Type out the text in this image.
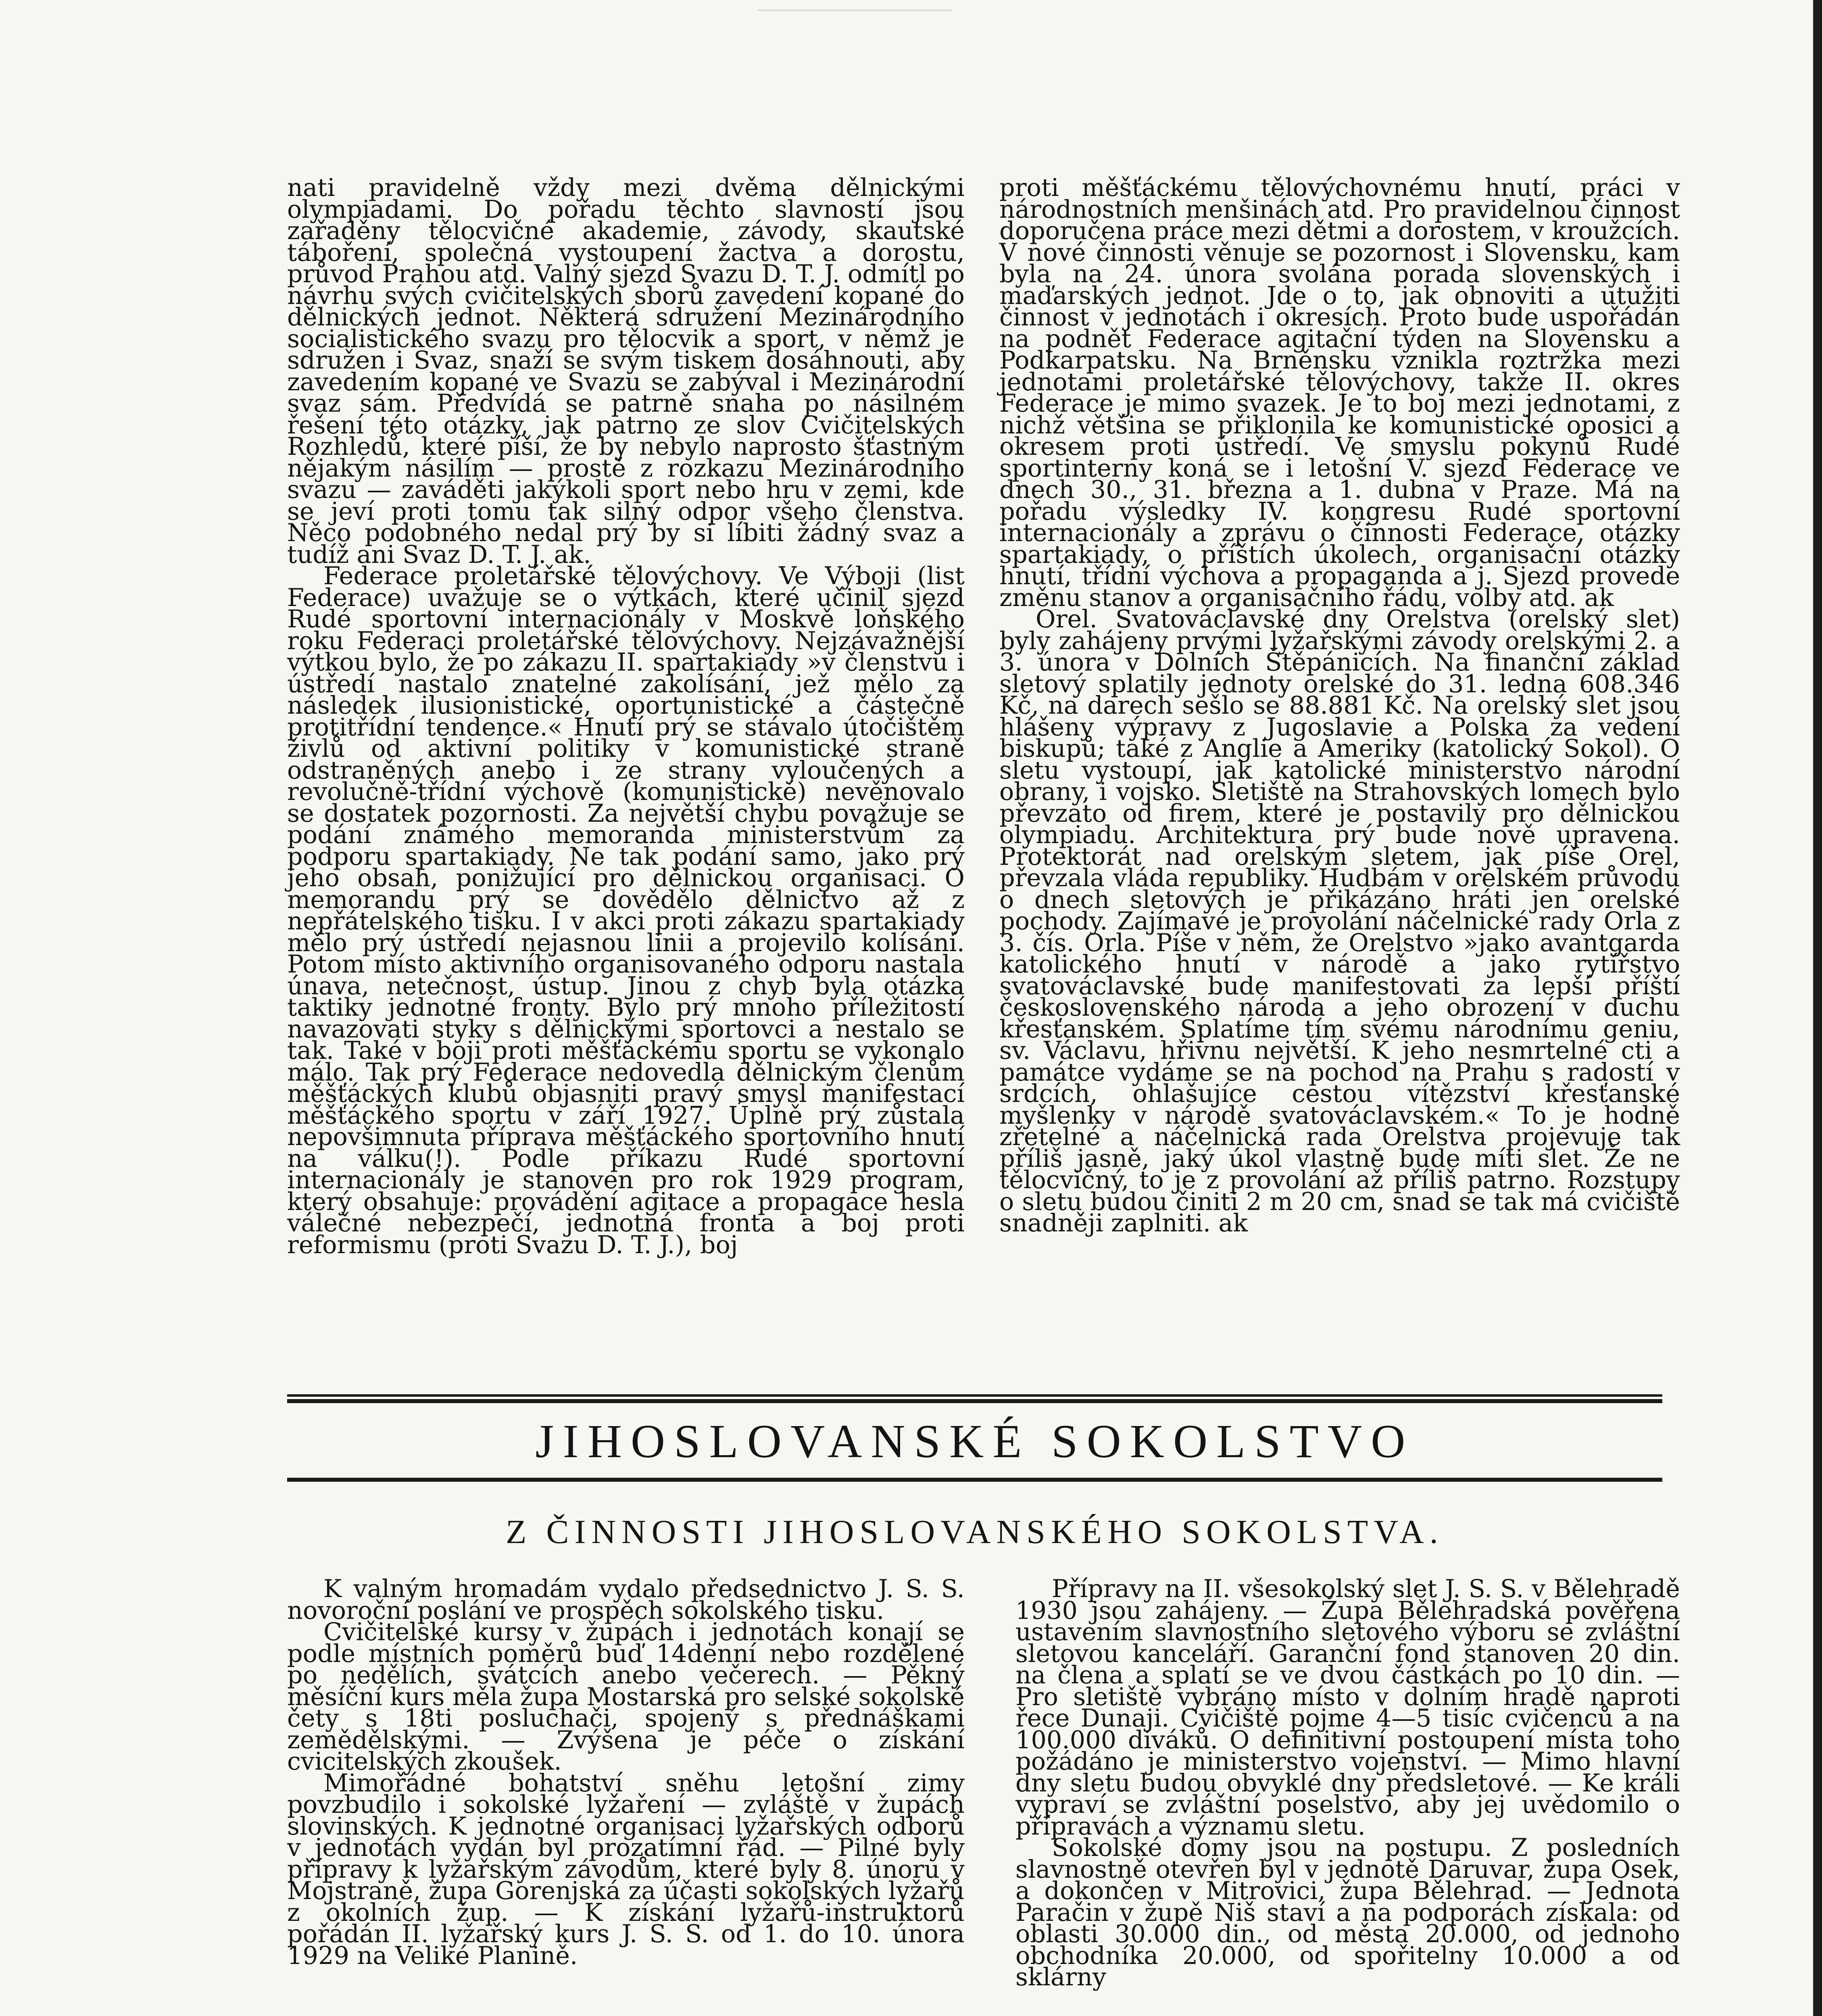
nati pravidelně vždy mezi dvěma dělnickými olympiadami. Do pořadu těchto slavností jsou zařaděny tělocvičné akademie, závody, skautské táboření, společná vystoupení žactva a dorostu, průvod Prahou atd. Valný sjezd Svazu D. T. J. odmítl po návrhu svých cvičitelských sborů zavedení kopané do dělnických jednot. Některá sdružení Mezinárodního socialistického svazu pro tělocvik a sport, v němž je sdružen i Svaz, snaží se svým tiskem dosáhnouti, aby zavedením kopané ve Svazu se zabýval i Mezinárodní svaz sám. Předvídá se patrně snaha po násilném řešení této otázky, jak patrno ze slov Cvičitelských Rozhledů, které píší, že by nebylo naprosto šťastným nějakým násilím — prostě z rozkazu Mezinárodního svazu — zaváděti jakýkoli sport nebo hru v zemi, kde se jeví proti tomu tak silný odpor všeho členstva. Něco podobného nedal prý by si líbiti žádný svaz a tudíž ani Svaz D. T. J. ak.

Federace proletářské tělovýchovy. Ve Výboji (list Federace) uvažuje se o výtkách, které učinil sjezd Rudé sportovní internacionály v Moskvě loňského roku Federaci proletářské tělovýchovy. Nejzávažnější výtkou bylo, že po zákazu II. spartakiady »v členstvu i ústředí nastalo znatelné zakolísání, jež mělo za následek ilusionistické, oportunistické a částečně protitřídní tendence.« Hnutí prý se stávalo útočištěm živlů od aktivní politiky v komunistické straně odstraněných anebo i ze strany vyloučených a revolučně-třídní výchově (komunistické) nevěnovalo se dostatek pozornosti. Za největší chybu považuje se podání známého memoranda ministerstvům za podporu spartakiady. Ne tak podání samo, jako prý jeho obsah, ponižující pro dělnickou organisaci. O memorandu prý se dovědělo dělnictvo až z nepřátelského tisku. I v akci proti zákazu spartakiady mělo prý ústředí nejasnou linii a projevilo kolísání. Potom místo aktivního organisovaného odporu nastala únava, netečnost, ústup. Jinou z chyb byla otázka taktiky jednotné fronty. Bylo prý mnoho příležitostí navazovati styky s dělnickými sportovci a nestalo se tak. Také v boji proti měšťáckému sportu se vykonalo málo. Tak prý Federace nedovedla dělnickým členům měšťáckých klubů objasniti pravý smysl manifestací měšťáckého sportu v září 1927. Úplně prý zůstala nepovšimnuta příprava měšťáckého sportovního hnutí na válku(!). Podle příkazu Rudé sportovní internacionály je stanoven pro rok 1929 program, který obsahuje: provádění agitace a propagace hesla válečné nebezpečí, jednotná fronta a boj proti reformismu (proti Svazu D. T. J.), boj

proti měšťáckému tělovýchovnému hnutí, práci v národnostních menšinách atd. Pro pravidelnou činnost doporučena práce mezi dětmi a dorostem, v kroužcích. V nové činnosti věnuje se pozornost i Slovensku, kam byla na 24. února svolána porada slovenských i maďarských jednot. Jde o to, jak obnoviti a utužiti činnost v jednotách i okresích. Proto bude uspořádán na podnět Federace agitační týden na Slovensku a Podkarpatsku. Na Brněnsku vznikla roztržka mezi jednotami proletářské tělovýchovy, takže II. okres Federace je mimo svazek. Je to boj mezi jednotami, z nichž většina se přiklonila ke komunistické oposici a okresem proti ústředí. Ve smyslu pokynů Rudé sportinterny koná se i letošní V. sjezd Federace ve dnech 30., 31. března a 1. dubna v Praze. Má na pořadu výsledky IV. kongresu Rudé sportovní internacionály a zprávu o činnosti Federace, otázky spartakiady, o příštích úkolech, organisační otázky hnutí, třídní výchova a propaganda a j. Sjezd provede změnu stanov a organisačního řádu, volby atd. ak

Orel. Svatováclavské dny Orelstva (orelský slet) byly zahájeny prvými lyžařskými závody orelskými 2. a 3. února v Dolních Štěpánicích. Na finanční základ sletový splatily jednoty orelské do 31. ledna 608.346 Kč, na darech sešlo se 88.881 Kč. Na orelský slet jsou hlášeny výpravy z Jugoslavie a Polska za vedení biskupů; také z Anglie a Ameriky (katolický Sokol). O sletu vystoupí, jak katolické ministerstvo národní obrany, i vojsko. Sletiště na Strahovských lomech bylo převzato od firem, které je postavily pro dělnickou olympiadu. Architektura prý bude nově upravena. Protektorát nad orelským sletem, jak píše Orel, převzala vláda republiky. Hudbám v orelském průvodu o dnech sletových je přikázáno hráti jen orelské pochody. Zajímavé je provolání náčelnické rady Orla z 3. čís. Orla. Píše v něm, že Orelstvo »jako avantgarda katolického hnutí v národě a jako rytířstvo svatováclavské bude manifestovati za lepší příští československého národa a jeho obrození v duchu křesťanském. Splatíme tím svému národnímu geniu, sv. Václavu, hřivnu největší. K jeho nesmrtelné cti a památce vydáme se na pochod na Prahu s radostí v srdcích, ohlašujíce cestou vítězství křesťanské myšlenky v národě svatováclavském.« To je hodně zřetelné a náčelnická rada Orelstva projevuje tak příliš jasně, jaký úkol vlastně bude míti slet. Že ne tělocvičný, to je z provolání až příliš patrno. Rozstupy o sletu budou činiti 2 m 20 cm, snad se tak má cvičiště snadněji zaplniti. ak

JIHOSLOVANSKÉ SOKOLSTVO
Z ČINNOSTI JIHOSLOVANSKÉHO SOKOLSTVA.

K valným hromadám vydalo předsednictvo J. S. S. novoroční poslání ve prospěch sokolského tisku.

Cvičitelské kursy v župách i jednotách konají se podle místních poměrů buď 14denní nebo rozdělené po nedělích, svátcích anebo večerech. — Pěkný měsíční kurs měla župa Mostarská pro selské sokolské čety s 18ti posluchači, spojený s přednáškami zemědělskými. — Zvýšena je péče o získání cvicitelských zkoušek.

Mimořádné bohatství sněhu letošní zimy povzbudilo i sokolské lyžaření — zvláště v župách slovinských. K jednotné organisaci lyžařských odborů v jednotách vydán byl prozatímní řád. — Pilné byly přípravy k lyžařským závodům, které byly 8. únoru v Mojstraně, župa Gorenjská za účasti sokolských lyžařů z okolních žup. — K získání lyžařů-instruktorů pořádán II. lyžařský kurs J. S. S. od 1. do 10. února 1929 na Veliké Planině.

Přípravy na II. všesokolský slet J. S. S. v Bělehradě 1930 jsou zahájeny. — Župa Bělehradská pověřena ustavením slavnostního sletového výboru se zvláštní sletovou kanceláří. Garanční fond stanoven 20 din. na člena a splatí se ve dvou částkách po 10 din. — Pro sletiště vybráno místo v dolním hradě naproti řece Dunaji. Cvičiště pojme 4—5 tisíc cvičenců a na 100.000 diváků. O definitivní postoupení místa toho požádáno je ministerstvo vojenství. — Mimo hlavní dny sletu budou obvyklé dny předsletové. — Ke králi vypraví se zvláštní poselstvo, aby jej uvědomilo o přípravách a významu sletu.

Sokolské domy jsou na postupu. Z posledních slavnostně otevřen byl v jednotě Daruvar, župa Osek, a dokončen v Mitrovici, župa Bělehrad. — Jednota Paračin v župě Niš staví a na podporách získala: od oblasti 30.000 din., od města 20.000, od jednoho obchodníka 20.000, od spořitelny 10.000 a od sklárny
